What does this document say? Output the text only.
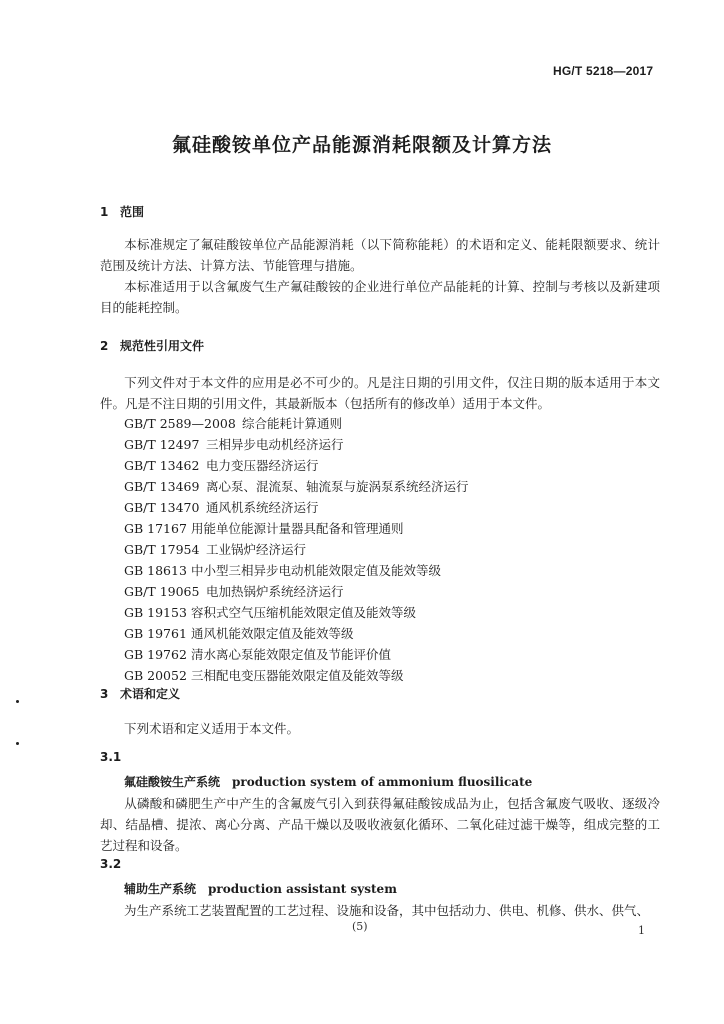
HG/T 5218—2017
氟硅酸铵单位产品能源消耗限额及计算方法
1 范围
本标准规定了氟硅酸铵单位产品能源消耗（以下简称能耗）的术语和定义、能耗限额要求、统计范围及统计方法、计算方法、节能管理与措施。
本标准适用于以含氟废气生产氟硅酸铵的企业进行单位产品能耗的计算、控制与考核以及新建项目的能耗控制。
2 规范性引用文件
下列文件对于本文件的应用是必不可少的。凡是注日期的引用文件，仅注日期的版本适用于本文件。凡是不注日期的引用文件，其最新版本（包括所有的修改单）适用于本文件。
GB/T 2589—2008 综合能耗计算通则
GB/T 12497 三相异步电动机经济运行
GB/T 13462 电力变压器经济运行
GB/T 13469 离心泵、混流泵、轴流泵与旋涡泵系统经济运行
GB/T 13470 通风机系统经济运行
GB 17167 用能单位能源计量器具配备和管理通则
GB/T 17954 工业锅炉经济运行
GB 18613 中小型三相异步电动机能效限定值及能效等级
GB/T 19065 电加热锅炉系统经济运行
GB 19153 容积式空气压缩机能效限定值及能效等级
GB 19761 通风机能效限定值及能效等级
GB 19762 清水离心泵能效限定值及节能评价值
GB 20052 三相配电变压器能效限定值及能效等级
3 术语和定义
下列术语和定义适用于本文件。
3.1
氟硅酸铵生产系统 production system of ammonium fluosilicate
从磷酸和磷肥生产中产生的含氟废气引入到获得氟硅酸铵成品为止，包括含氟废气吸收、逐级冷却、结晶槽、提浓、离心分离、产品干燥以及吸收液氨化循环、二氧化硅过滤干燥等，组成完整的工艺过程和设备。
3.2
辅助生产系统 production assistant system
为生产系统工艺装置配置的工艺过程、设施和设备，其中包括动力、供电、机修、供水、供气、
(5)	1
